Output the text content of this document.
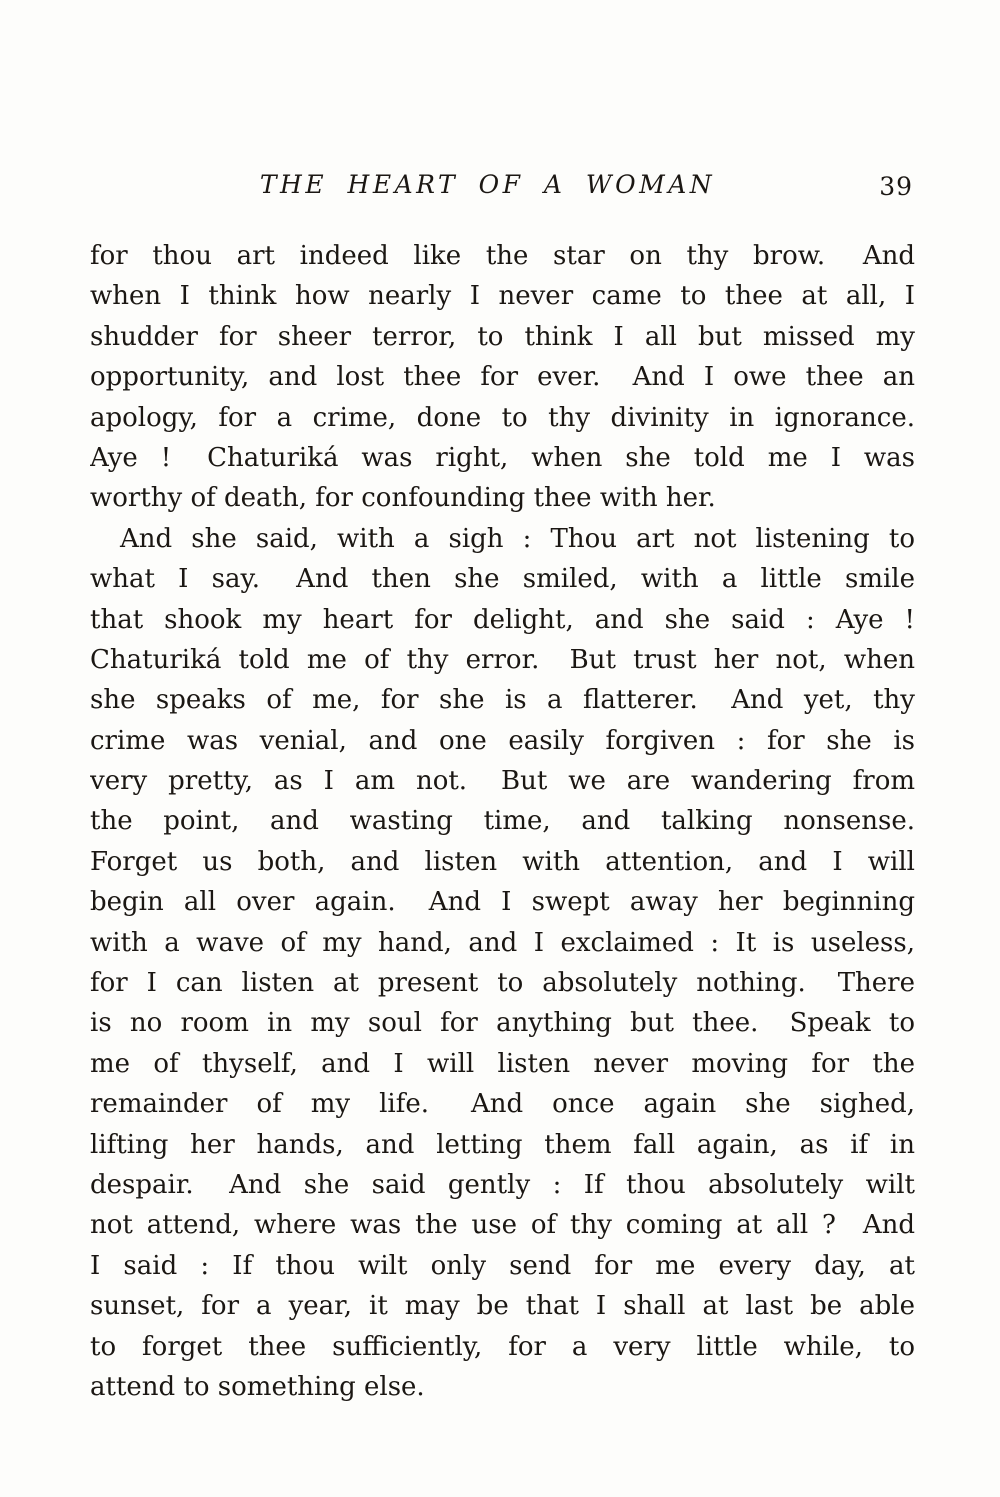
THE HEART OF A WOMAN	39
for thou art indeed like the star on thy brow.  And
when I think how nearly I never came to thee at all, I
shudder for sheer terror, to think I all but missed my
opportunity, and lost thee for ever.  And I owe thee an
apology, for a crime, done to thy divinity in ignorance.
Aye !  Chaturiká was right, when she told me I was
worthy of death, for confounding thee with her.
And she said, with a sigh : Thou art not listening to
what I say.  And then she smiled, with a little smile
that shook my heart for delight, and she said : Aye !
Chaturiká told me of thy error.  But trust her not, when
she speaks of me, for she is a flatterer.  And yet, thy
crime was venial, and one easily forgiven : for she is
very pretty, as I am not.  But we are wandering from
the point, and wasting time, and talking nonsense.
Forget us both, and listen with attention, and I will
begin all over again.  And I swept away her beginning
with a wave of my hand, and I exclaimed : It is useless,
for I can listen at present to absolutely nothing.  There
is no room in my soul for anything but thee.  Speak to
me of thyself, and I will listen never moving for the
remainder of my life.  And once again she sighed,
lifting her hands, and letting them fall again, as if in
despair.  And she said gently : If thou absolutely wilt
not attend, where was the use of thy coming at all ?  And
I said : If thou wilt only send for me every day, at
sunset, for a year, it may be that I shall at last be able
to forget thee sufficiently, for a very little while, to
attend to something else.
